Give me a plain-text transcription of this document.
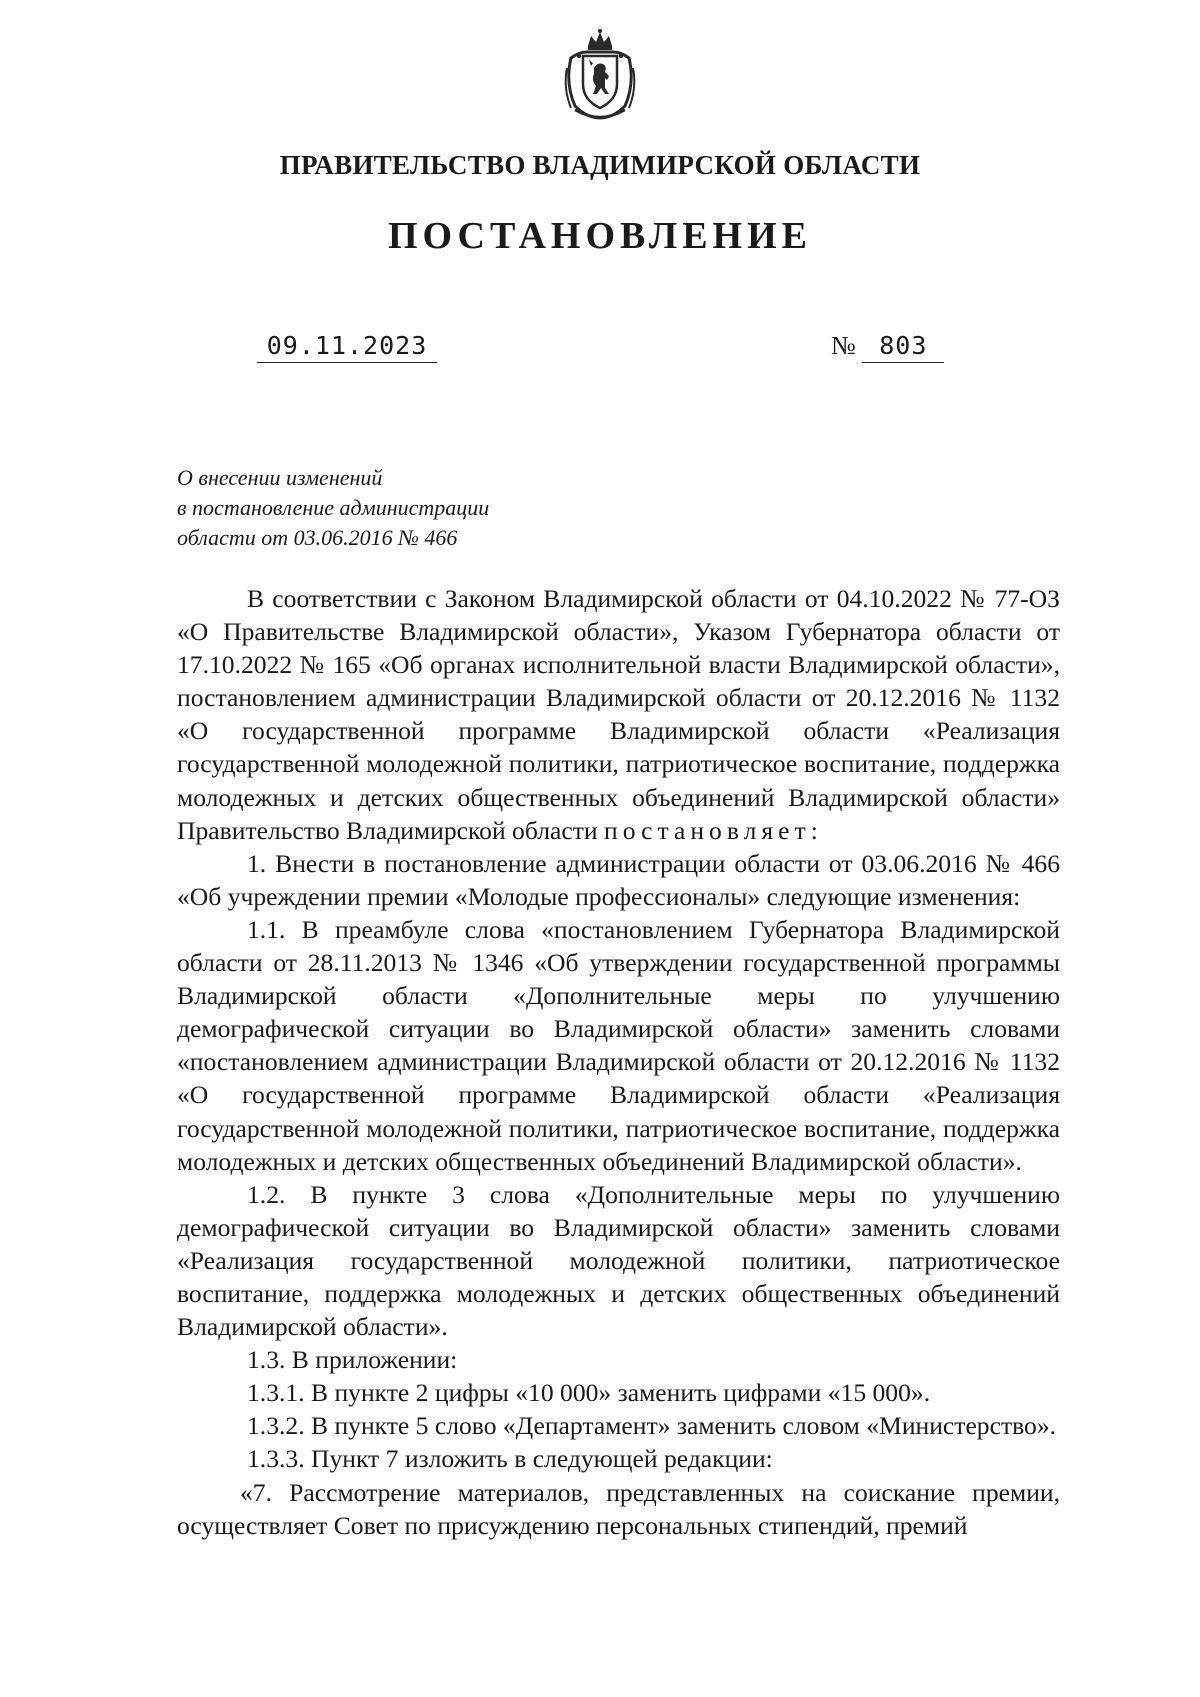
ПРАВИТЕЛЬСТВО ВЛАДИМИРСКОЙ ОБЛАСТИ
ПОСТАНОВЛЕНИЕ
09.11.2023	№ 803
О внесении изменений
в постановление администрации
области от 03.06.2016 № 466

В соответствии с Законом Владимирской области от 04.10.2022 № 77-ОЗ «О Правительстве Владимирской области», Указом Губернатора области от 17.10.2022 № 165 «Об органах исполнительной власти Владимирской области», постановлением администрации Владимирской области от 20.12.2016 № 1132 «О государственной программе Владимирской области «Реализация государственной молодежной политики, патриотическое воспитание, поддержка молодежных и детских общественных объединений Владимирской области» Правительство Владимирской области постановляет:

1. Внести в постановление администрации области от 03.06.2016 № 466 «Об учреждении премии «Молодые профессионалы» следующие изменения:

1.1. В преамбуле слова «постановлением Губернатора Владимирской области от 28.11.2013 № 1346 «Об утверждении государственной программы Владимирской области «Дополнительные меры по улучшению демографической ситуации во Владимирской области» заменить словами «постановлением администрации Владимирской области от 20.12.2016 № 1132 «О государственной программе Владимирской области «Реализация государственной молодежной политики, патриотическое воспитание, поддержка молодежных и детских общественных объединений Владимирской области».

1.2. В пункте 3 слова «Дополнительные меры по улучшению демографической ситуации во Владимирской области» заменить словами «Реализация государственной молодежной политики, патриотическое воспитание, поддержка молодежных и детских общественных объединений Владимирской области».

1.3. В приложении:

1.3.1. В пункте 2 цифры «10 000» заменить цифрами «15 000».

1.3.2. В пункте 5 слово «Департамент» заменить словом «Министерство».

1.3.3. Пункт 7 изложить в следующей редакции:

«7. Рассмотрение материалов, представленных на соискание премии, осуществляет Совет по присуждению персональных стипендий, премий
